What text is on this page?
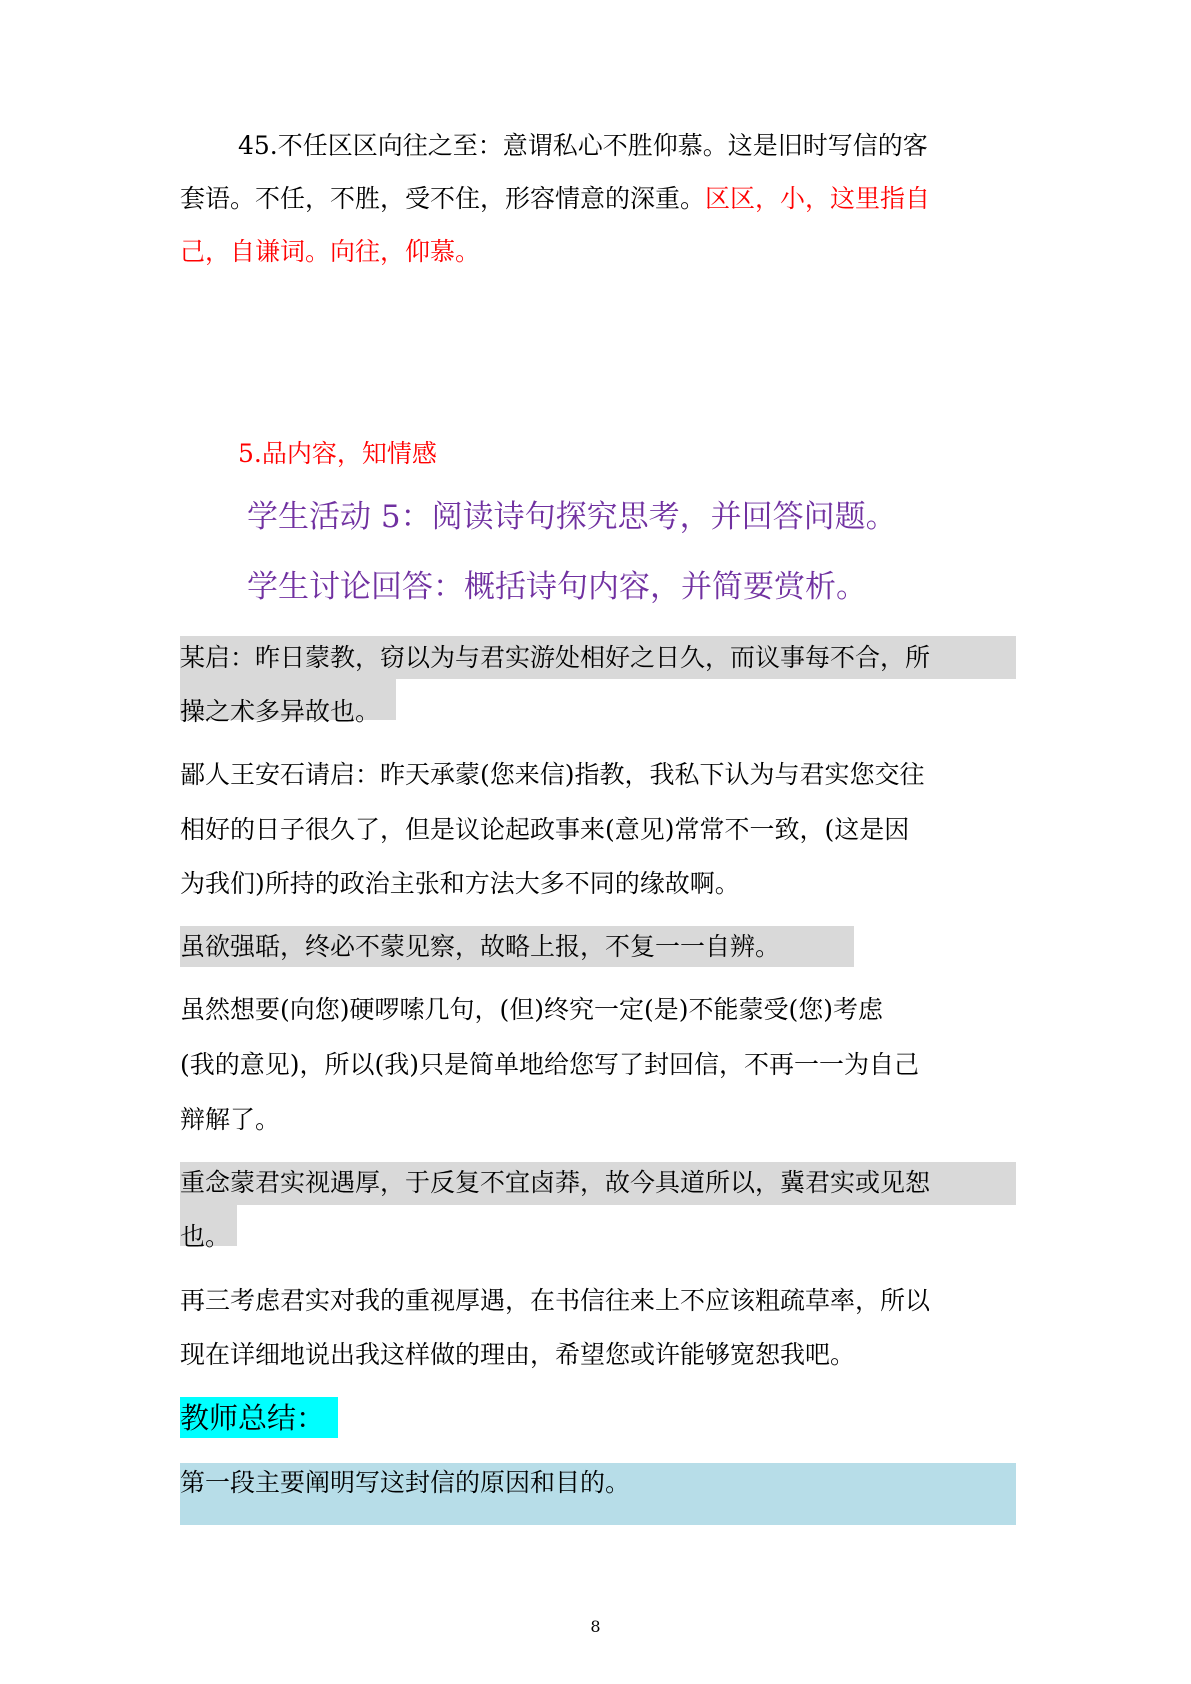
45.不任区区向往之至：意谓私心不胜仰慕。这是旧时写信的客
套语。不任，不胜，受不住，形容情意的深重。区区，小，这里指自
己，自谦词。向往，仰慕。
5.品内容，知情感
学生活动 5：阅读诗句探究思考，并回答问题。
学生讨论回答：概括诗句内容，并简要赏析。
某启：昨日蒙教，窃以为与君实游处相好之日久，而议事每不合，所
操之术多异故也。
鄙人王安石请启：昨天承蒙(您来信)指教，我私下认为与君实您交往
相好的日子很久了，但是议论起政事来(意见)常常不一致，(这是因
为我们)所持的政治主张和方法大多不同的缘故啊。
虽欲强聒，终必不蒙见察，故略上报，不复一一自辨。
虽然想要(向您)硬啰嗦几句，(但)终究一定(是)不能蒙受(您)考虑
(我的意见)，所以(我)只是简单地给您写了封回信，不再一一为自己
辩解了。
重念蒙君实视遇厚，于反复不宜卤莽，故今具道所以，冀君实或见恕
也。
再三考虑君实对我的重视厚遇，在书信往来上不应该粗疏草率，所以
现在详细地说出我这样做的理由，希望您或许能够宽恕我吧。
教师总结：
第一段主要阐明写这封信的原因和目的。
8
